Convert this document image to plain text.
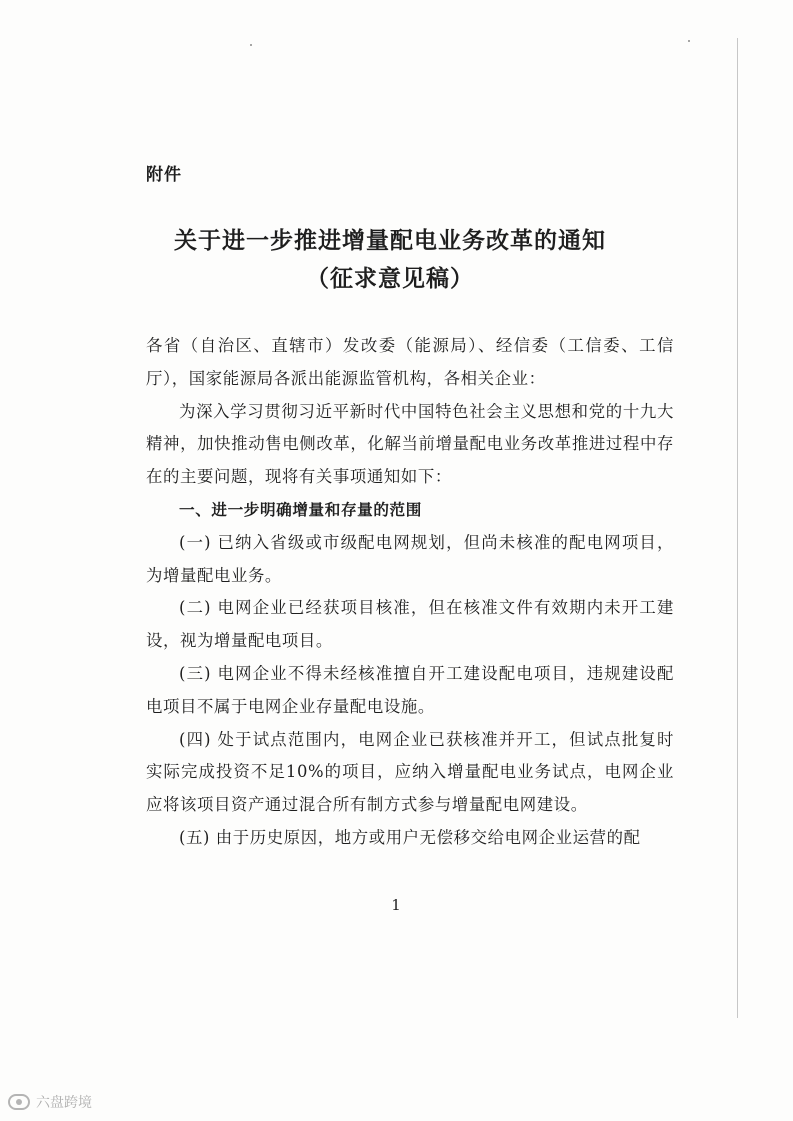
附件
关于进一步推进增量配电业务改革的通知
（征求意见稿）

各省（自治区、直辖市）发改委（能源局）、经信委（工信委、工信厅），国家能源局各派出能源监管机构，各相关企业：

为深入学习贯彻习近平新时代中国特色社会主义思想和党的十九大精神，加快推动售电侧改革，化解当前增量配电业务改革推进过程中存在的主要问题，现将有关事项通知如下：

一、进一步明确增量和存量的范围

(一) 已纳入省级或市级配电网规划，但尚未核准的配电网项目，为增量配电业务。

(二) 电网企业已经获项目核准，但在核准文件有效期内未开工建设，视为增量配电项目。

(三) 电网企业不得未经核准擅自开工建设配电项目，违规建设配电项目不属于电网企业存量配电设施。

(四) 处于试点范围内，电网企业已获核准并开工，但试点批复时实际完成投资不足10%的项目，应纳入增量配电业务试点，电网企业应将该项目资产通过混合所有制方式参与增量配电网建设。

(五) 由于历史原因，地方或用户无偿移交给电网企业运营的配

1
六盘跨境
